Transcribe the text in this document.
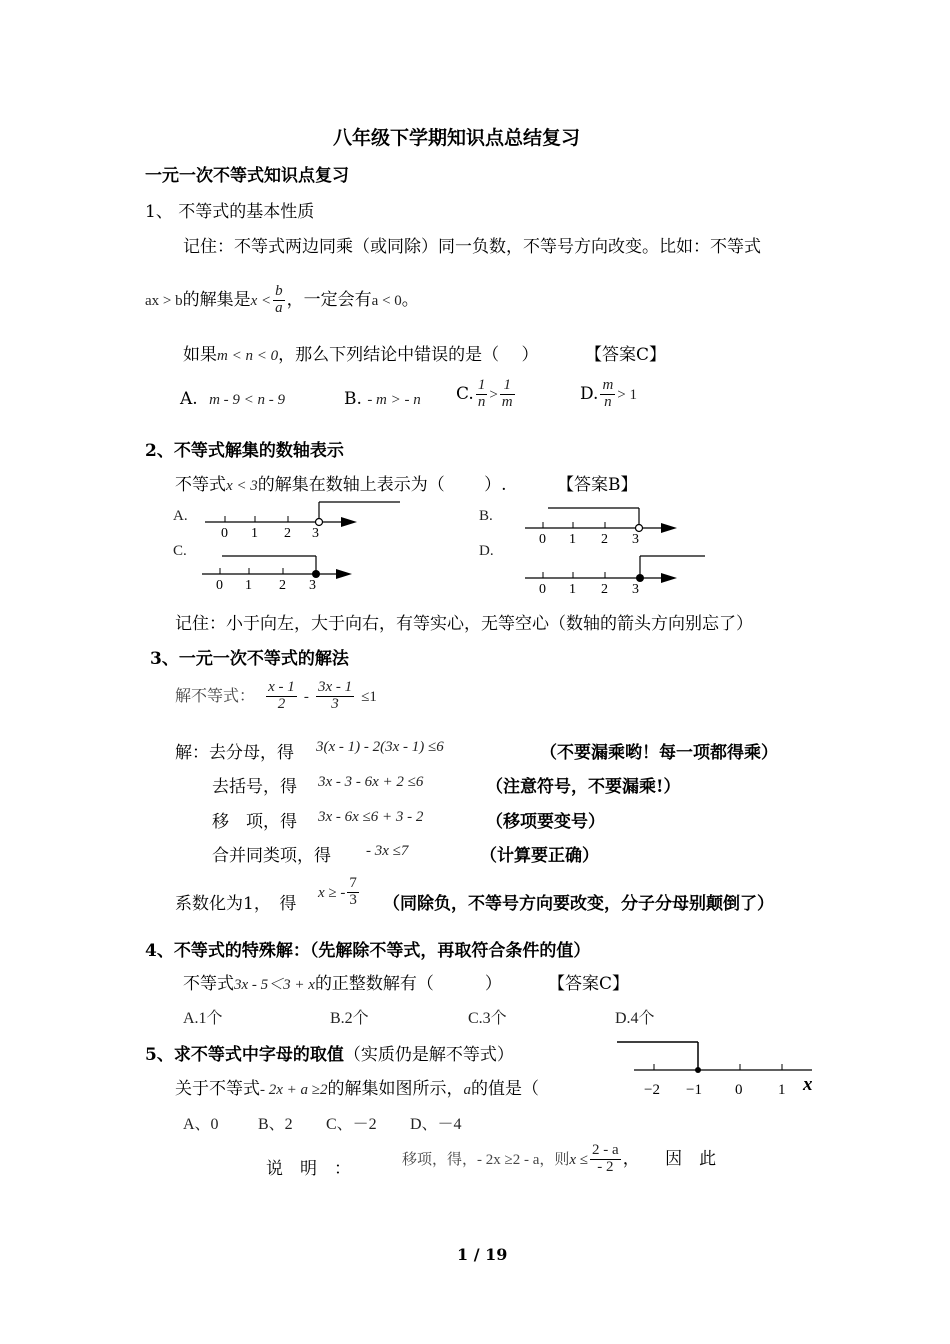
八年级下学期知识点总结复习
一元一次不等式知识点复习
1、 不等式的基本性质
记住：不等式两边同乘（或同除）同一负数，不等号方向改变。比如：不等式
ax > b的解集是$x < \frac{b}{a}$ ，一定会有a < 0。
如果m < n < 0，那么下列结论中错误的是（　 ）	【答案C】
A. m - 9 < n - 9	B. - m > - n C. $\frac{1}{n} > \frac{1}{m}$	D. $\frac{m}{n} > 1$
2、不等式解集的数轴表示
不等式x < 3的解集在数轴上表示为（　　 ）.	【答案B】
A.	B.
C.	D.
0 1 2 3	0 1 2 3
0 1 2 3	0 1 2 3
记住：小于向左，大于向右，有等实心，无等空心（数轴的箭头方向别忘了）
3、一元一次不等式的解法
解不等式： $\frac{x - 1}{2} - \frac{3x - 1}{3} \le 1$
解：去分母，得 3(x - 1) - 2(3x - 1) ≤6	（不要漏乘哟！每一项都得乘）
去括号，得 3x - 3 - 6x + 2 ≤6	（注意符号，不要漏乘!）
移　项，得 3x - 6x ≤6 + 3 - 2	（移项要变号）
合并同类项，得 - 3x ≤7	（计算要正确）
系数化为1，　得
x ≥ - $\frac{7}{3}$ （同除负，不等号方向要改变，分子分母别颠倒了）
4、不等式的特殊解：（先解除不等式，再取符合条件的值）
不等式3x - 5＜3 + x的正整数解有（　　　）	【答案C】
A.1个	B.2个	C.3个	D.4个
5、求不等式中字母的取值（实质仍是解不等式）
关于不等式- 2x + a ≥2的解集如图所示，a的值是（	−2 −1 0 1 x
A、0 B、2 C、－2 D、－4
说　明　：	移项，得，- 2x ≥2 - a，则$x \le \frac{2 - a}{- 2}$ ，　　因　此
1 / 19
